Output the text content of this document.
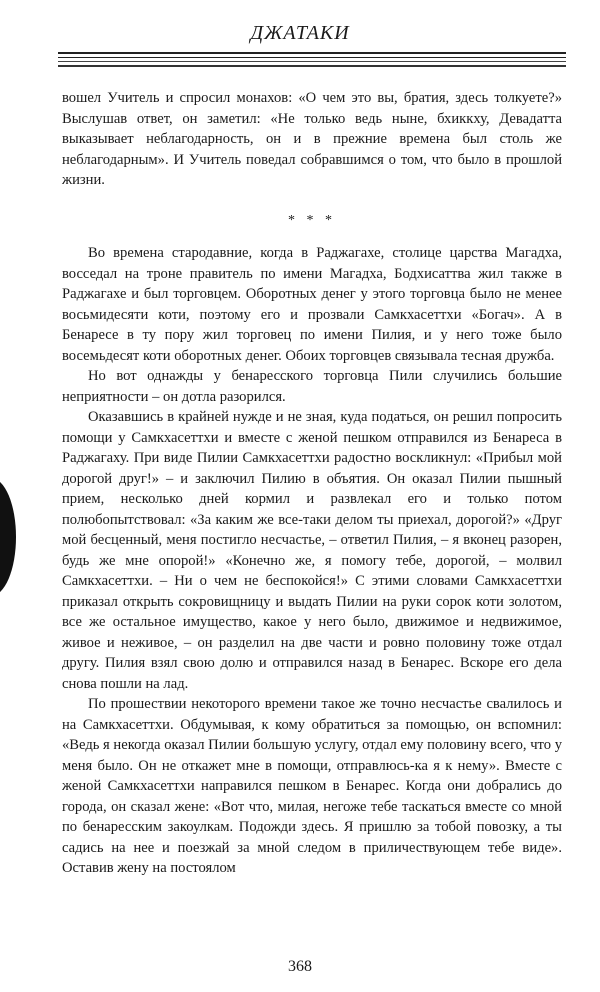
ДЖАТАКИ

вошел Учитель и спросил монахов: «О чем это вы, братия, здесь толкуете?» Выслушав ответ, он заметил: «Не только ведь ныне, бхиккху, Девадатта выказывает неблагодарность, он и в прежние времена был столь же неблагодарным». И Учитель поведал собравшимся о том, что было в прошлой жизни.

* * *

Во времена стародавние, когда в Раджагахе, столице царства Магадха, восседал на троне правитель по имени Магадха, Бодхисаттва жил также в Раджагахе и был торговцем. Оборотных денег у этого торговца было не менее восьмидесяти коти, поэтому его и прозвали Самкхасеттхи «Богач». А в Бенаресе в ту пору жил торговец по имени Пилия, и у него тоже было восемьдесят коти оборотных денег. Обоих торговцев связывала тесная дружба.

Но вот однажды у бенаресского торговца Пили случились большие неприятности – он дотла разорился.

Оказавшись в крайней нужде и не зная, куда податься, он решил попросить помощи у Самкхасеттхи и вместе с женой пешком отправился из Бенареса в Раджагаху. При виде Пилии Самкхасеттхи радостно воскликнул: «Прибыл мой дорогой друг!» – и заключил Пилию в объятия. Он оказал Пилии пышный прием, несколько дней кормил и развлекал его и только потом полюбопытствовал: «За каким же все-таки делом ты приехал, дорогой?» «Друг мой бесценный, меня постигло несчастье, – ответил Пилия, – я вконец разорен, будь же мне опорой!» «Конечно же, я помогу тебе, дорогой, – молвил Самкхасеттхи. – Ни о чем не беспокойся!» С этими словами Самкхасеттхи приказал открыть сокровищницу и выдать Пилии на руки сорок коти золотом, все же остальное имущество, какое у него было, движимое и недвижимое, живое и неживое, – он разделил на две части и ровно половину тоже отдал другу. Пилия взял свою долю и отправился назад в Бенарес. Вскоре его дела снова пошли на лад.

По прошествии некоторого времени такое же точно несчастье свалилось и на Самкхасеттхи. Обдумывая, к кому обратиться за помощью, он вспомнил: «Ведь я некогда оказал Пилии большую услугу, отдал ему половину всего, что у меня было. Он не откажет мне в помощи, отправлюсь-ка я к нему». Вместе с женой Самкхасеттхи направился пешком в Бенарес. Когда они добрались до города, он сказал жене: «Вот что, милая, негоже тебе таскаться вместе со мной по бенаресским закоулкам. Подожди здесь. Я пришлю за тобой повозку, а ты садись на нее и поезжай за мной следом в приличествующем тебе виде». Оставив жену на постоялом

368
